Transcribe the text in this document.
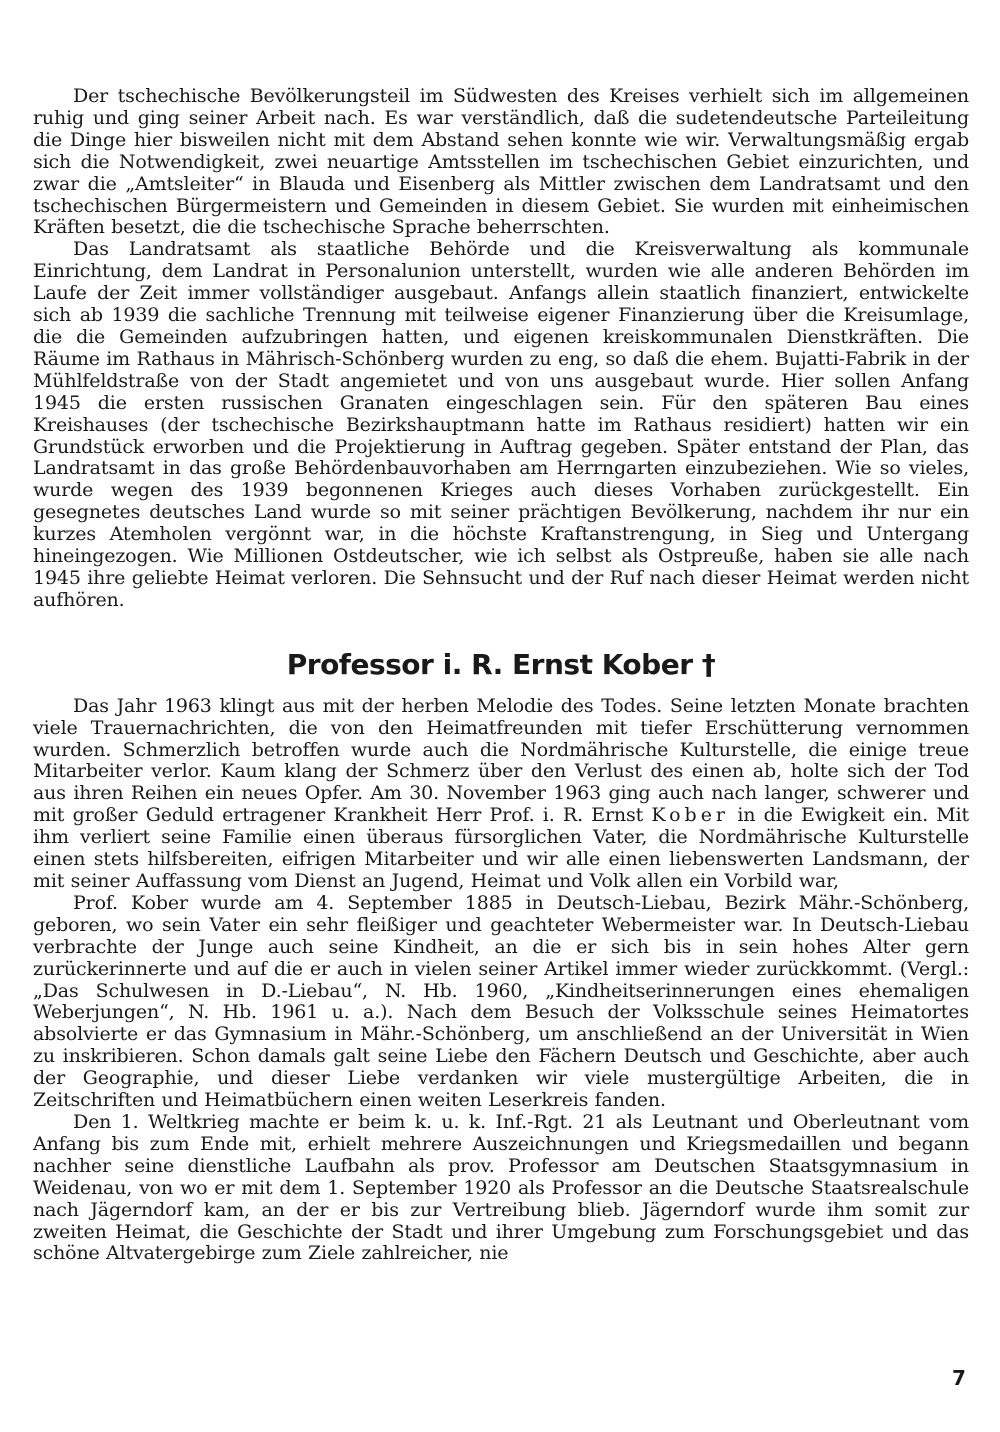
Der tschechische Bevölkerungsteil im Südwesten des Kreises verhielt sich im allgemeinen ruhig und ging seiner Arbeit nach. Es war verständlich, daß die sudetendeutsche Parteileitung die Dinge hier bisweilen nicht mit dem Abstand sehen konnte wie wir. Verwaltungsmäßig ergab sich die Notwendigkeit, zwei neuartige Amtsstellen im tschechischen Gebiet einzurichten, und zwar die „Amtsleiter“ in Blauda und Eisenberg als Mittler zwischen dem Landratsamt und den tschechischen Bürgermeistern und Gemeinden in diesem Gebiet. Sie wurden mit einheimischen Kräften besetzt, die die tschechische Sprache beherrschten.

Das Landratsamt als staatliche Behörde und die Kreisverwaltung als kommunale Einrichtung, dem Landrat in Personalunion unterstellt, wurden wie alle anderen Behörden im Laufe der Zeit immer vollständiger ausgebaut. Anfangs allein staatlich finanziert, entwickelte sich ab 1939 die sachliche Trennung mit teilweise eigener Finanzierung über die Kreisumlage, die die Gemeinden aufzubringen hatten, und eigenen kreiskommunalen Dienstkräften. Die Räume im Rathaus in Mährisch-Schönberg wurden zu eng, so daß die ehem. Bujatti-Fabrik in der Mühlfeldstraße von der Stadt angemietet und von uns ausgebaut wurde. Hier sollen Anfang 1945 die ersten russischen Granaten eingeschlagen sein. Für den späteren Bau eines Kreishauses (der tschechische Bezirkshauptmann hatte im Rathaus residiert) hatten wir ein Grundstück erworben und die Projektierung in Auftrag gegeben. Später entstand der Plan, das Landratsamt in das große Behördenbauvorhaben am Herrngarten einzubeziehen. Wie so vieles, wurde wegen des 1939 begonnenen Krieges auch dieses Vorhaben zurückgestellt. Ein gesegnetes deutsches Land wurde so mit seiner prächtigen Bevölkerung, nachdem ihr nur ein kurzes Atemholen vergönnt war, in die höchste Kraftanstrengung, in Sieg und Untergang hineingezogen. Wie Millionen Ostdeutscher, wie ich selbst als Ostpreuße, haben sie alle nach 1945 ihre geliebte Heimat verloren. Die Sehnsucht und der Ruf nach dieser Heimat werden nicht aufhören.

Professor i. R. Ernst Kober †

Das Jahr 1963 klingt aus mit der herben Melodie des Todes. Seine letzten Monate brachten viele Trauernachrichten, die von den Heimatfreunden mit tiefer Erschütterung vernommen wurden. Schmerzlich betroffen wurde auch die Nordmährische Kulturstelle, die einige treue Mitarbeiter verlor. Kaum klang der Schmerz über den Verlust des einen ab, holte sich der Tod aus ihren Reihen ein neues Opfer. Am 30. November 1963 ging auch nach langer, schwerer und mit großer Geduld ertragener Krankheit Herr Prof. i. R. Ernst Kober in die Ewigkeit ein. Mit ihm verliert seine Familie einen überaus fürsorglichen Vater, die Nordmährische Kulturstelle einen stets hilfsbereiten, eifrigen Mitarbeiter und wir alle einen liebenswerten Landsmann, der mit seiner Auffassung vom Dienst an Jugend, Heimat und Volk allen ein Vorbild war,

Prof. Kober wurde am 4. September 1885 in Deutsch-Liebau, Bezirk Mähr.-Schönberg, geboren, wo sein Vater ein sehr fleißiger und geachteter Webermeister war. In Deutsch-Liebau verbrachte der Junge auch seine Kindheit, an die er sich bis in sein hohes Alter gern zurückerinnerte und auf die er auch in vielen seiner Artikel immer wieder zurückkommt. (Vergl.: „Das Schulwesen in D.-Liebau“, N. Hb. 1960, „Kindheitserinnerungen eines ehemaligen Weberjungen“, N. Hb. 1961 u. a.). Nach dem Besuch der Volksschule seines Heimatortes absolvierte er das Gymnasium in Mähr.-Schönberg, um anschließend an der Universität in Wien zu inskribieren. Schon damals galt seine Liebe den Fächern Deutsch und Geschichte, aber auch der Geographie, und dieser Liebe verdanken wir viele mustergültige Arbeiten, die in Zeitschriften und Heimatbüchern einen weiten Leserkreis fanden.

Den 1. Weltkrieg machte er beim k. u. k. Inf.-Rgt. 21 als Leutnant und Oberleutnant vom Anfang bis zum Ende mit, erhielt mehrere Auszeichnungen und Kriegsmedaillen und begann nachher seine dienstliche Laufbahn als prov. Professor am Deutschen Staatsgymnasium in Weidenau, von wo er mit dem 1. September 1920 als Professor an die Deutsche Staatsrealschule nach Jägerndorf kam, an der er bis zur Vertreibung blieb. Jägerndorf wurde ihm somit zur zweiten Heimat, die Geschichte der Stadt und ihrer Umgebung zum Forschungsgebiet und das schöne Altvatergebirge zum Ziele zahlreicher, nie

7
